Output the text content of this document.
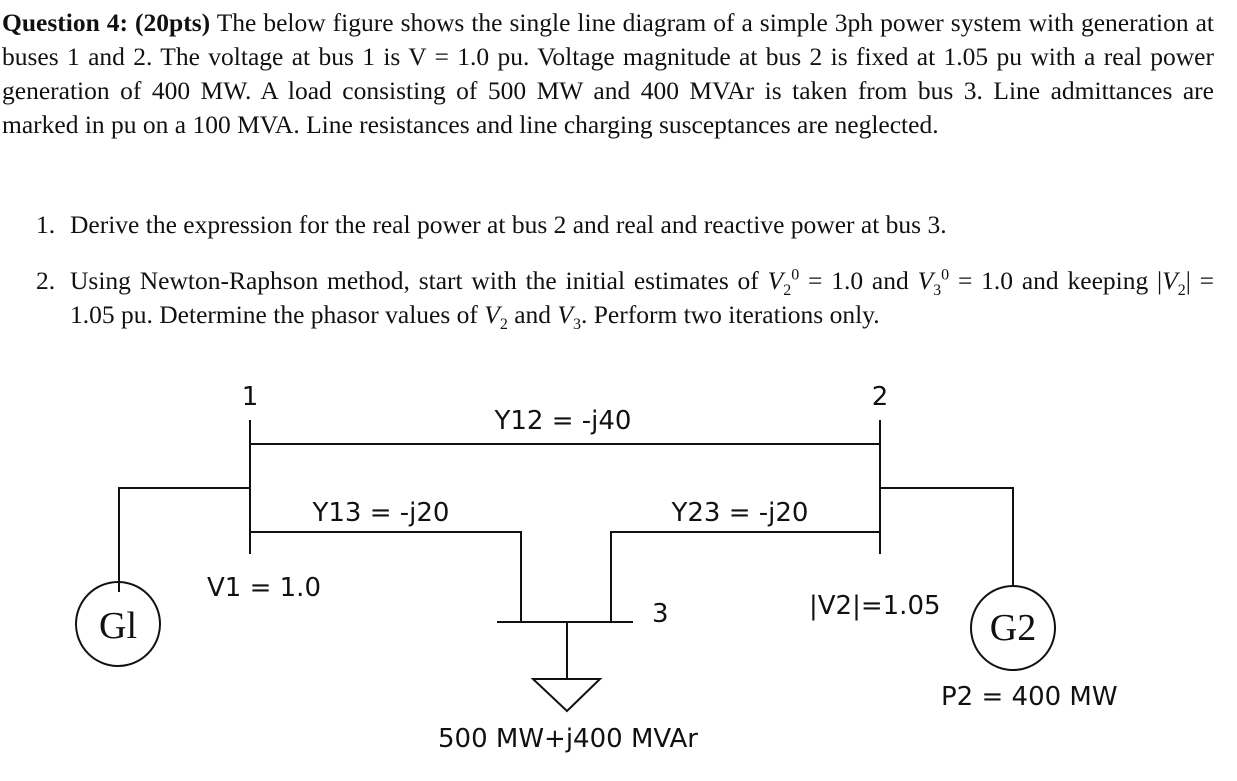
Question 4: (20pts) The below figure shows the single line diagram of a simple 3ph power system with generation at buses 1 and 2. The voltage at bus 1 is V = 1.0 pu. Voltage magnitude at bus 2 is fixed at 1.05 pu with a real power generation of 400 MW. A load consisting of 500 MW and 400 MVAr is taken from bus 3. Line admittances are marked in pu on a 100 MVA. Line resistances and line charging susceptances are neglected.
1. Derive the expression for the real power at bus 2 and real and reactive power at bus 3.
2. Using Newton-Raphson method, start with the initial estimates of $V_2^0 = 1.0$ and $V_3^0 = 1.0$ and keeping $|V_2| = 1.05$ pu. Determine the phasor values of $V_2$ and $V_3$. Perform two iterations only.
Gl	G2
1	2
Y12 = -j40
Y13 = -j20	Y23 = -j20
V1 = 1.0
3	|V2|=1.05
P2 = 400 MW
500 MW+j400 MVAr
